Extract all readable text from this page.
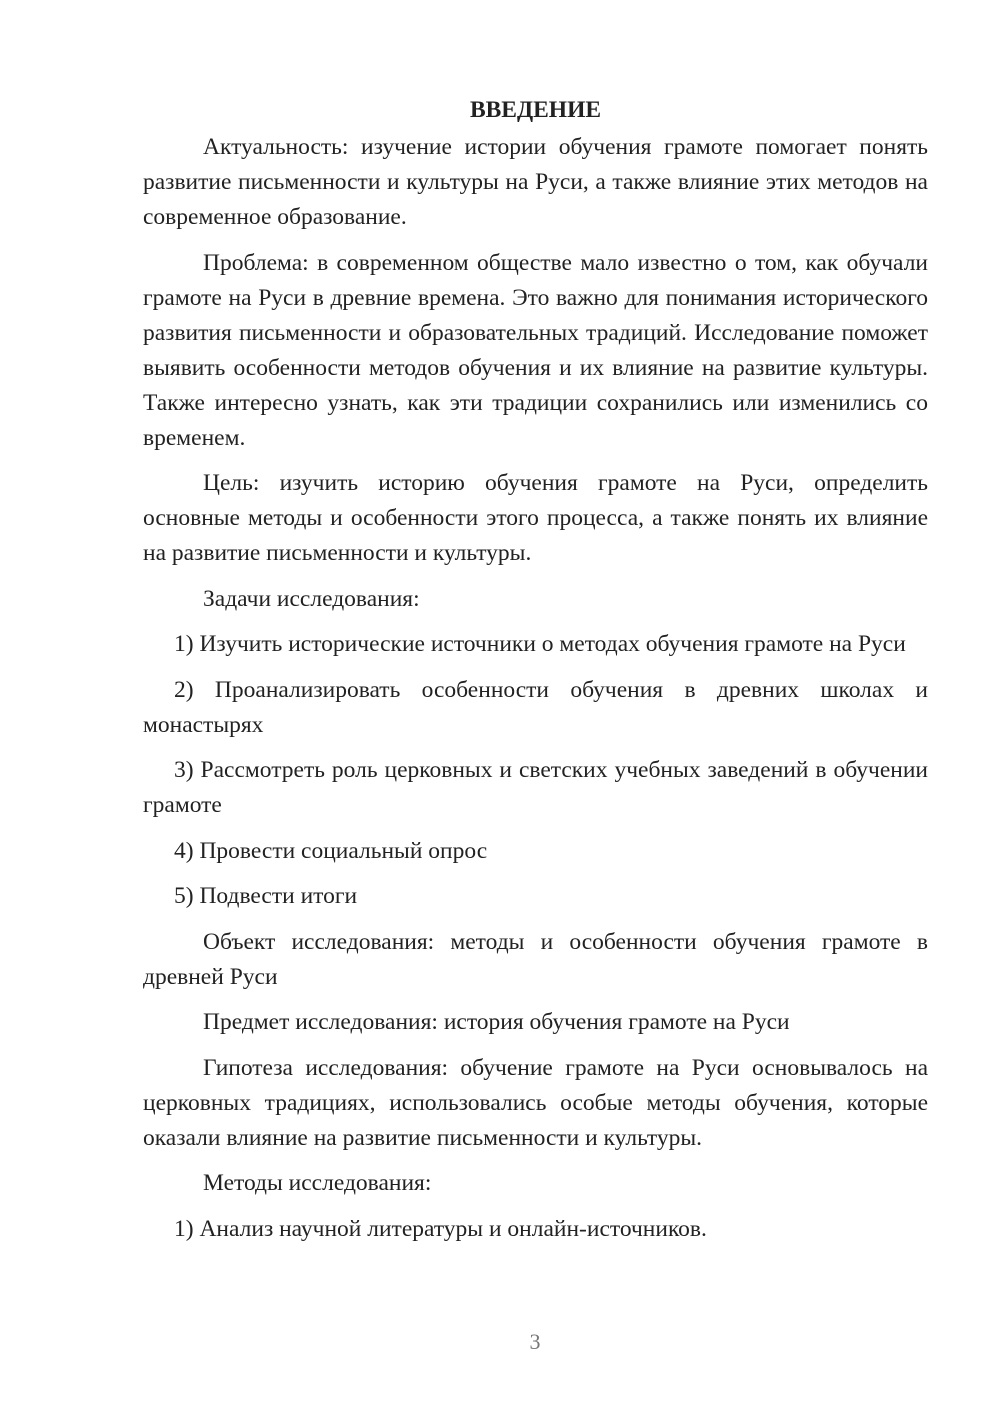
ВВЕДЕНИЕ

Актуальность: изучение истории обучения грамоте помогает понять развитие письменности и культуры на Руси, а также влияние этих методов на современное образование.

Проблема: в современном обществе мало известно о том, как обучали грамоте на Руси в древние времена. Это важно для понимания исторического развития письменности и образовательных традиций. Исследование поможет выявить особенности методов обучения и их влияние на развитие культуры. Также интересно узнать, как эти традиции сохранились или изменились со временем.

Цель: изучить историю обучения грамоте на Руси, определить основные методы и особенности этого процесса, а также понять их влияние на развитие письменности и культуры.

Задачи исследования:

1) Изучить исторические источники о методах обучения грамоте на Руси

2) Проанализировать особенности обучения в древних школах и монастырях

3) Рассмотреть роль церковных и светских учебных заведений в обучении грамоте

4) Провести социальный опрос

5) Подвести итоги

Объект исследования: методы и особенности обучения грамоте в древней Руси

Предмет исследования: история обучения грамоте на Руси

Гипотеза исследования: обучение грамоте на Руси основывалось на церковных традициях, использовались особые методы обучения, которые оказали влияние на развитие письменности и культуры.

Методы исследования:

1) Анализ научной литературы и онлайн-источников.

3
